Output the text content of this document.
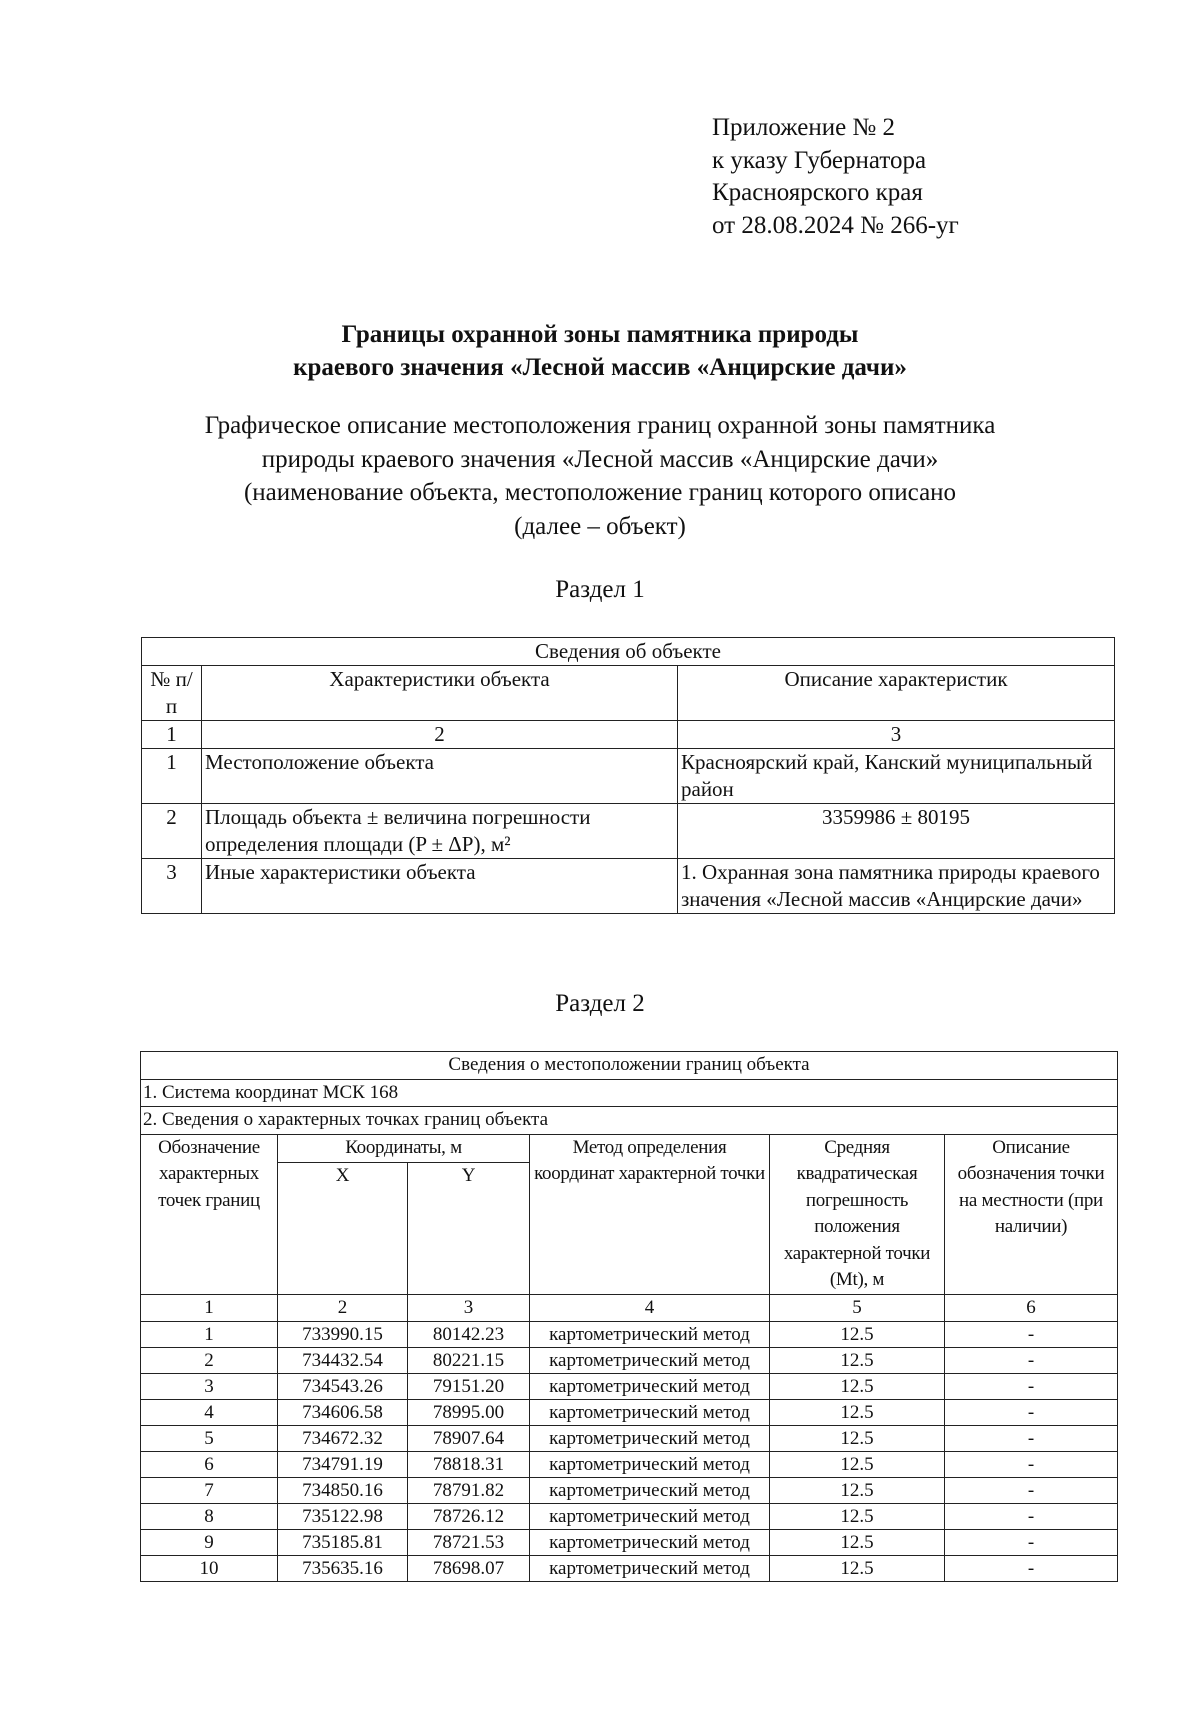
Приложение № 2
к указу Губернатора
Красноярского края
от 28.08.2024 № 266-уг
Границы охранной зоны памятника природы
краевого значения «Лесной массив «Анцирские дачи»
Графическое описание местоположения границ охранной зоны памятника
природы краевого значения «Лесной массив «Анцирские дачи»
(наименование объекта, местоположение границ которого описано
(далее – объект)
Раздел 1
Сведения об объекте		
№ п/п	Характеристики объекта	Описание характеристик
1	2	3
1	Местоположение объекта	Красноярский край, Канский муниципальный район
2	Площадь объекта ± величина погрешности определения площади (P ± ΔP), м²	3359986 ± 80195
3	Иные характеристики объекта	1. Охранная зона памятника природы краевого значения «Лесной массив «Анцирские дачи»
Раздел 2
Сведения о местоположении границ объекта					
1. Система координат МСК 168					
2. Сведения о характерных точках границ объекта					
Обозначение характерных точек границ	Координаты, м		Метод определения координат характерной точки	Средняя квадратическая погрешность положения характерной точки (Mt), м	Описание обозначения точки на местности (при наличии)
	X	Y			
1	2	3	4	5	6
1	733990.15	80142.23	картометрический метод	12.5	-
2	734432.54	80221.15	картометрический метод	12.5	-
3	734543.26	79151.20	картометрический метод	12.5	-
4	734606.58	78995.00	картометрический метод	12.5	-
5	734672.32	78907.64	картометрический метод	12.5	-
6	734791.19	78818.31	картометрический метод	12.5	-
7	734850.16	78791.82	картометрический метод	12.5	-
8	735122.98	78726.12	картометрический метод	12.5	-
9	735185.81	78721.53	картометрический метод	12.5	-
10	735635.16	78698.07	картометрический метод	12.5	-
